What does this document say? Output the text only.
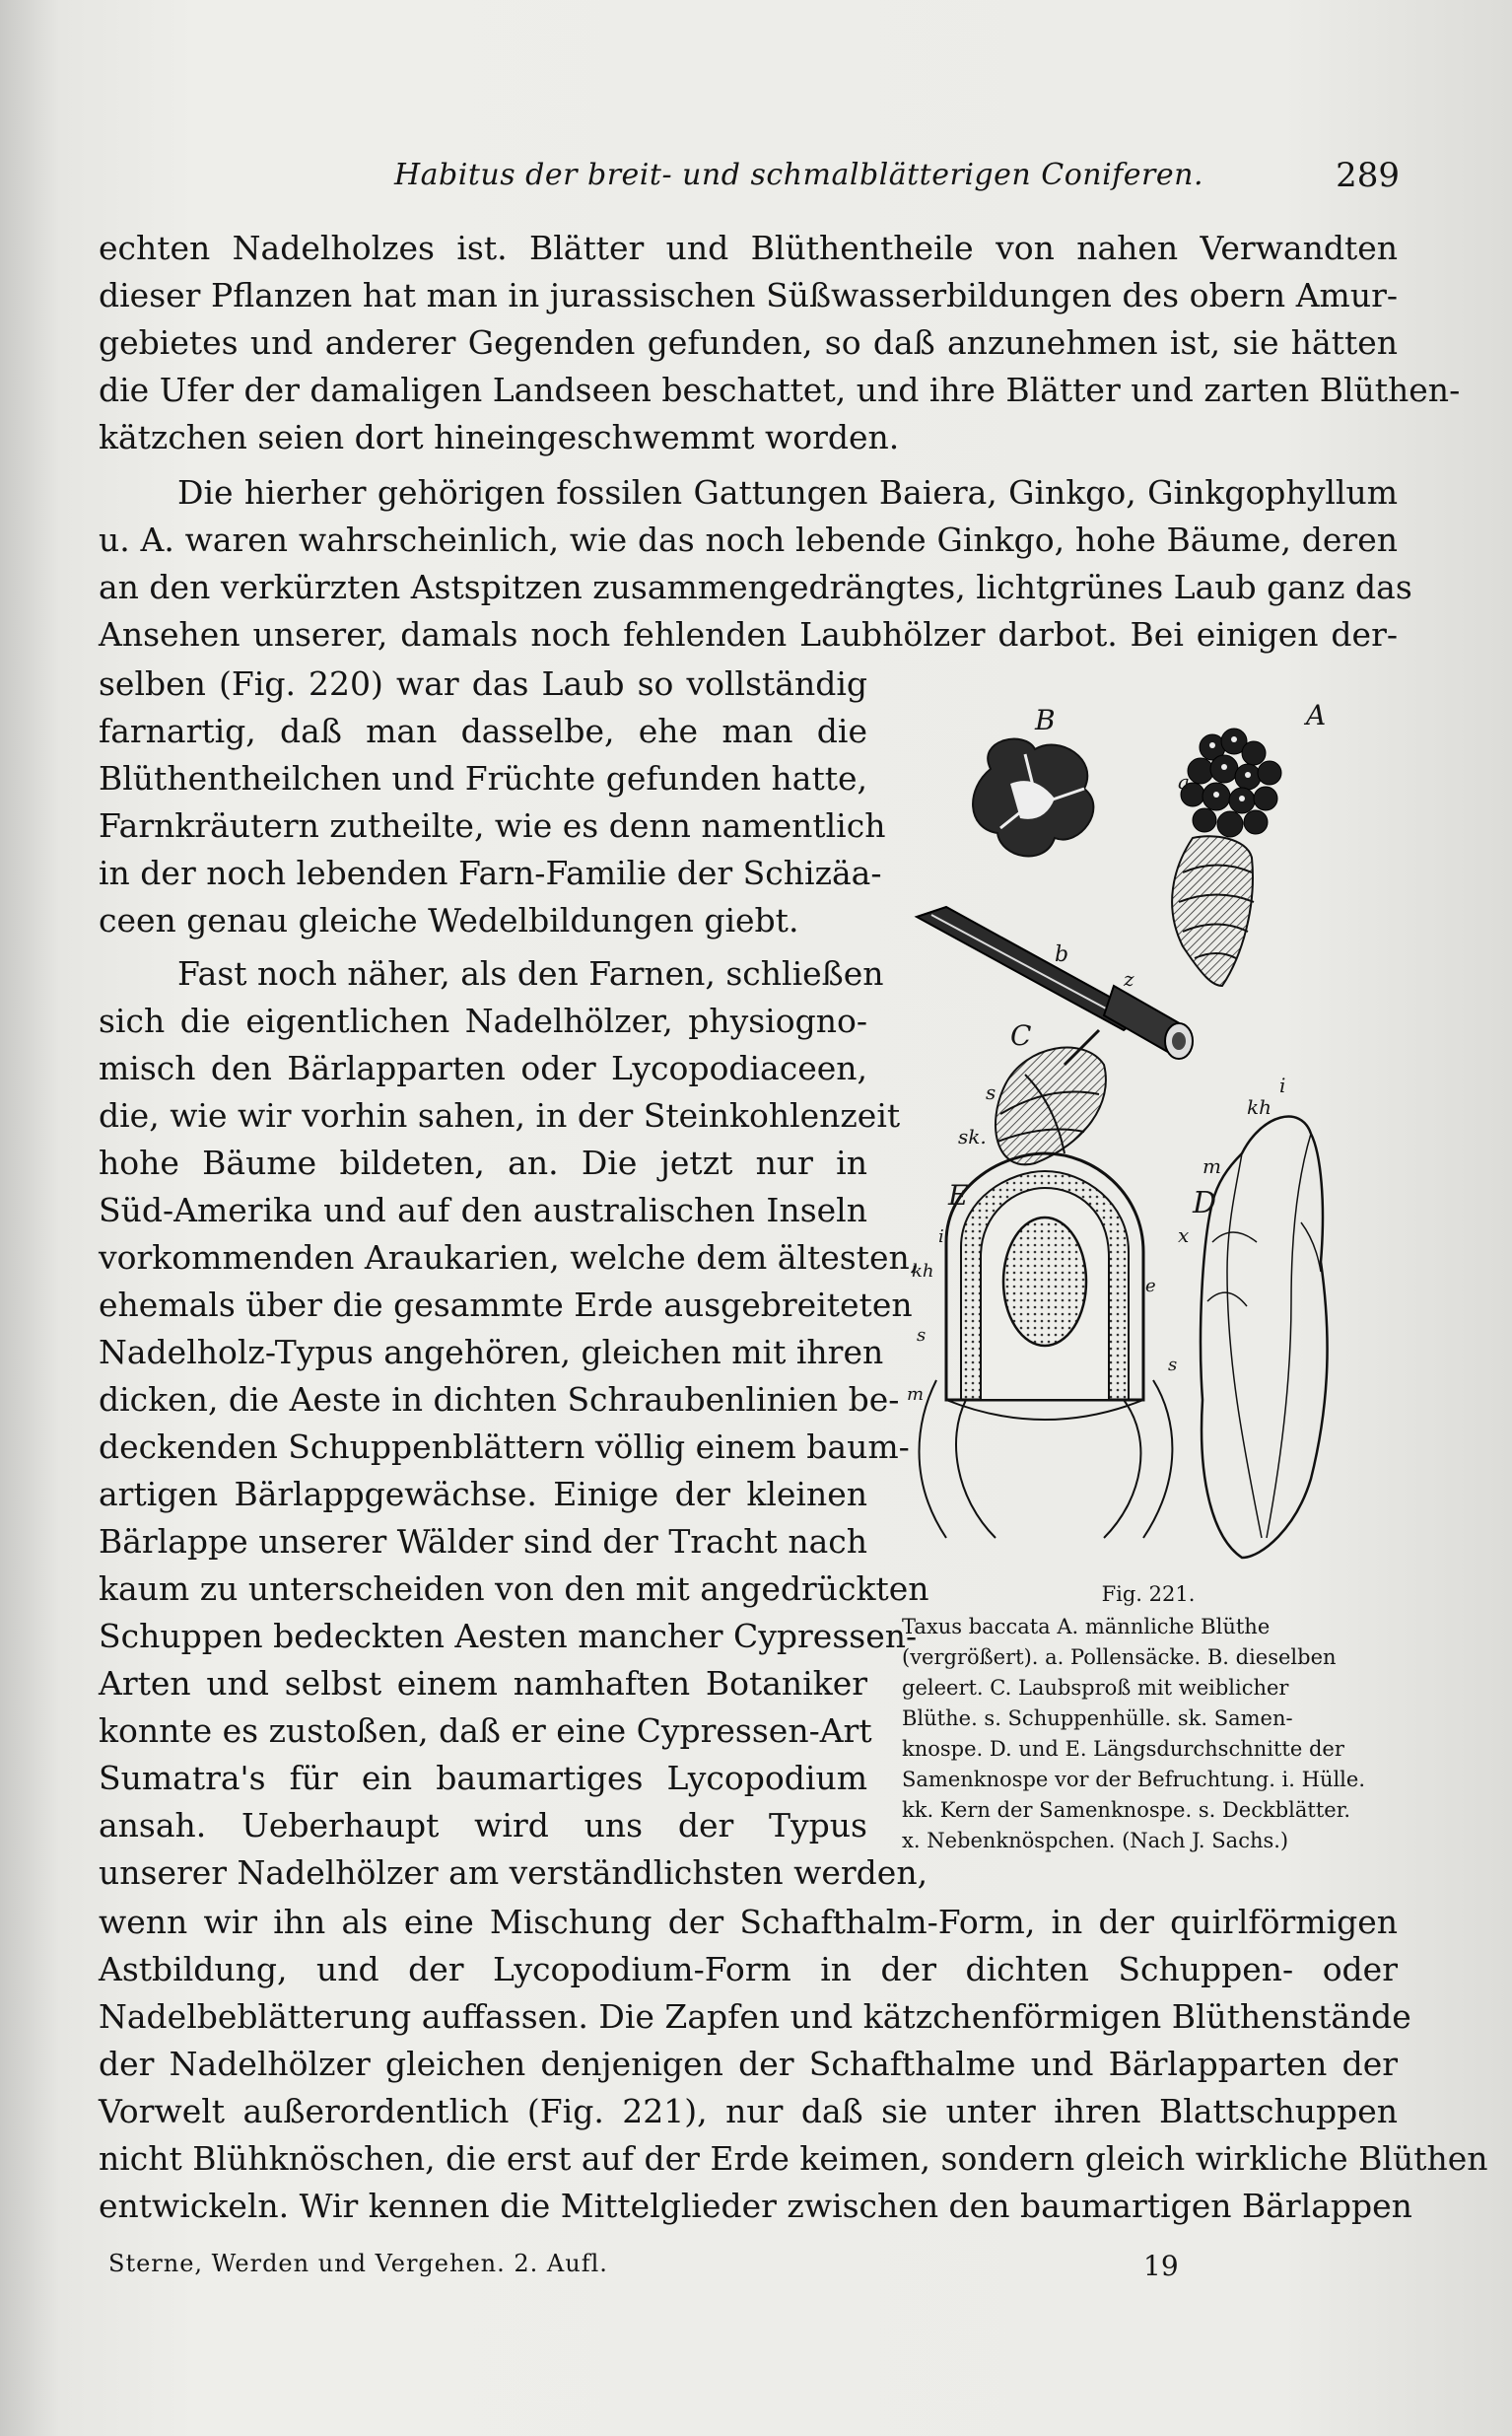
Habitus der breit- und schmalblätterigen Coniferen.	289
echten Nadelholzes ist. Blätter und Blüthentheile von nahen Verwandten
dieser Pflanzen hat man in jurassischen Süßwasserbildungen des obern Amur-
gebietes und anderer Gegenden gefunden, so daß anzunehmen ist, sie hätten
die Ufer der damaligen Landseen beschattet, und ihre Blätter und zarten Blüthen-
kätzchen seien dort hineingeschwemmt worden.
Die hierher gehörigen fossilen Gattungen Baiera, Ginkgo, Ginkgophyllum
u. A. waren wahrscheinlich, wie das noch lebende Ginkgo, hohe Bäume, deren
an den verkürzten Astspitzen zusammengedrängtes, lichtgrünes Laub ganz das
Ansehen unserer, damals noch fehlenden Laubhölzer darbot. Bei einigen der-
selben (Fig. 220) war das Laub so vollständig
farnartig, daß man dasselbe, ehe man die
Blüthentheilchen und Früchte gefunden hatte,
Farnkräutern zutheilte, wie es denn namentlich
in der noch lebenden Farn-Familie der Schizäa-
ceen genau gleiche Wedelbildungen giebt.
Fast noch näher, als den Farnen, schließen
sich die eigentlichen Nadelhölzer, physiogno-
misch den Bärlapparten oder Lycopodiaceen,
die, wie wir vorhin sahen, in der Steinkohlenzeit
hohe Bäume bildeten, an. Die jetzt nur in
Süd-Amerika und auf den australischen Inseln
vorkommenden Araukarien, welche dem ältesten,
ehemals über die gesammte Erde ausgebreiteten
Nadelholz-Typus angehören, gleichen mit ihren
dicken, die Aeste in dichten Schraubenlinien be-
deckenden Schuppenblättern völlig einem baum-
artigen Bärlappgewächse. Einige der kleinen
Bärlappe unserer Wälder sind der Tracht nach
kaum zu unterscheiden von den mit angedrückten
Schuppen bedeckten Aesten mancher Cypressen-
Arten und selbst einem namhaften Botaniker
konnte es zustoßen, daß er eine Cypressen-Art
Sumatra's für ein baumartiges Lycopodium
ansah. Ueberhaupt wird uns der Typus
unserer Nadelhölzer am verständlichsten werden,
wenn wir ihn als eine Mischung der Schafthalm-Form, in der quirlförmigen
Astbildung, und der Lycopodium-Form in der dichten Schuppen- oder
Nadelbeblätterung auffassen. Die Zapfen und kätzchenförmigen Blüthenstände
der Nadelhölzer gleichen denjenigen der Schafthalme und Bärlapparten der
Vorwelt außerordentlich (Fig. 221), nur daß sie unter ihren Blattschuppen
nicht Blühknöschen, die erst auf der Erde keimen, sondern gleich wirkliche Blüthen
entwickeln. Wir kennen die Mittelglieder zwischen den baumartigen Bärlappen
B	A
a
b
z
C
s
sk.
kh
i
m
D
x
E
i
kh
e
s
s
m
Fig. 221.
Taxus baccata A. männliche Blüthe
(vergrößert). a. Pollensäcke. B. dieselben
geleert. C. Laubsproß mit weiblicher
Blüthe. s. Schuppenhülle. sk. Samen-
knospe. D. und E. Längsdurchschnitte der
Samenknospe vor der Befruchtung. i. Hülle.
kk. Kern der Samenknospe. s. Deckblätter.
x. Nebenknöspchen. (Nach J. Sachs.)
Sterne, Werden und Vergehen. 2. Aufl.	19
